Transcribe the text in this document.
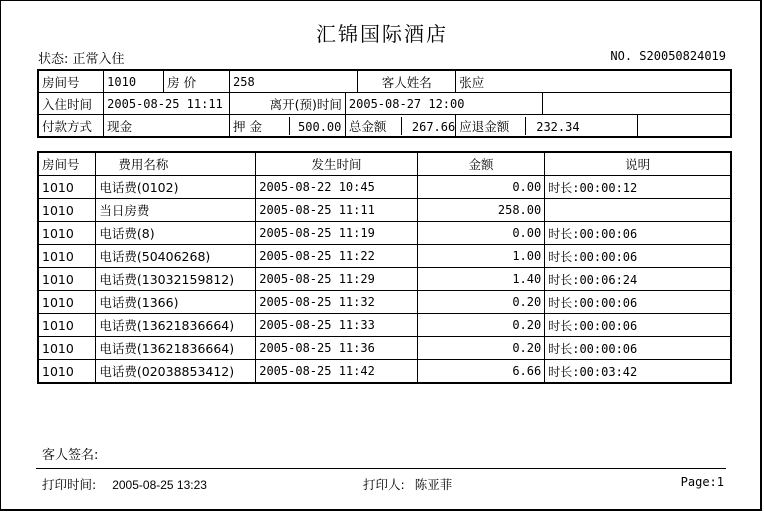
汇锦国际酒店
状态: 正常入住	NO. S20050824019
房间号	1010	房 价	258		客人姓名	张应	
入住时间	2005-08-25 11:11		离开(预)时间	2005-08-27 12:00			
付款方式	现金		押 金 500.00	总金额 267.66		应退金额 232.34
房间号	费用名称	发生时间	金额	说明
1010	电话费(0102)	2005-08-22 10:45	0.00	时长:00:00:12
1010	当日房费	2005-08-25 11:11	258.00	
1010	电话费(8)	2005-08-25 11:19	0.00	时长:00:00:06
1010	电话费(50406268)	2005-08-25 11:22	1.00	时长:00:00:06
1010	电话费(13032159812)	2005-08-25 11:29	1.40	时长:00:06:24
1010	电话费(1366)	2005-08-25 11:32	0.20	时长:00:00:06
1010	电话费(13621836664)	2005-08-25 11:33	0.20	时长:00:00:06
1010	电话费(13621836664)	2005-08-25 11:36	0.20	时长:00:00:06
1010	电话费(02038853412)	2005-08-25 11:42	6.66	时长:00:03:42
客人签名:
打印时间: 2005-08-25 13:23	打印人: 陈亚菲	Page:1
